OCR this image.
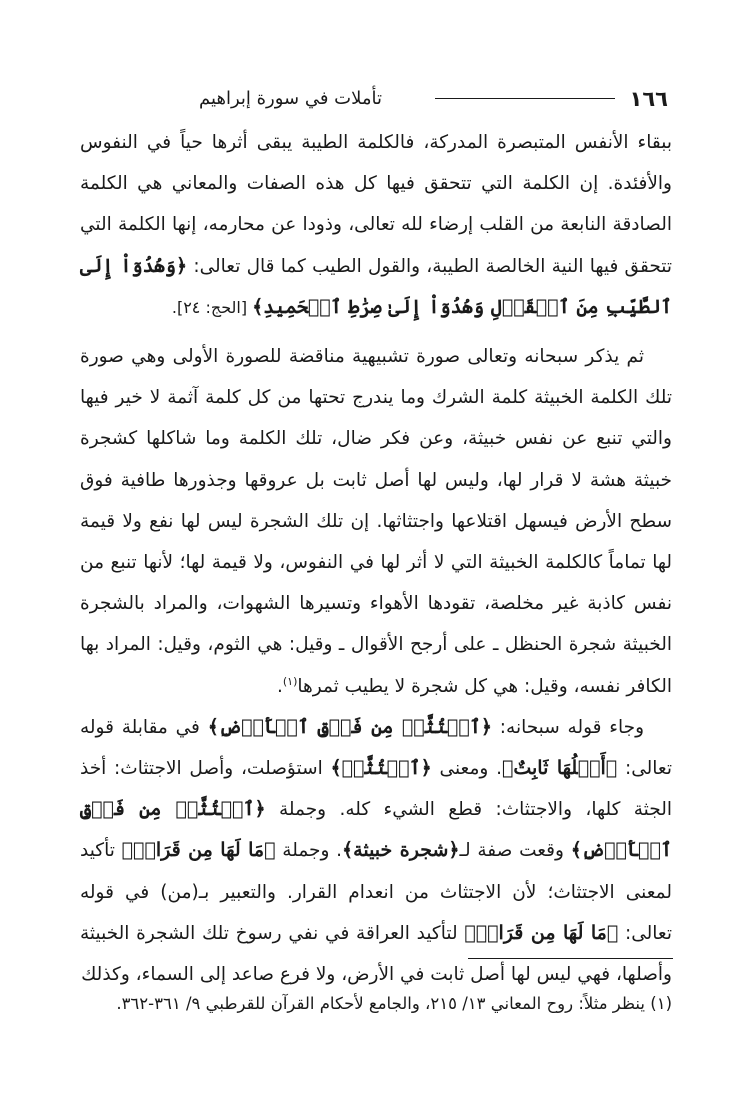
١٦٦
تأملات في سورة إبراهيم

ببقاء الأنفس المتبصرة المدركة، فالكلمة الطيبة يبقى أثرها حياً في النفوس والأفئدة. إن الكلمة التي تتحقق فيها كل هذه الصفات والمعاني هي الكلمة الصادقة النابعة من القلب إرضاء لله تعالى، وذودا عن محارمه، إنها الكلمة التي تتحقق فيها النية الخالصة الطيبة، والقول الطيب كما قال تعالى: ﴿وَهُدُوٓاْ إِلَى ٱلطَّيِّبِ مِنَ ٱلۡقَوۡلِ وَهُدُوٓاْ إِلَىٰ صِرَٰطِ ٱلۡحَمِيدِ﴾ [الحج: ٢٤].

ثم يذكر سبحانه وتعالى صورة تشبيهية مناقضة للصورة الأولى وهي صورة تلك الكلمة الخبيثة كلمة الشرك وما يندرج تحتها من كل كلمة آثمة لا خير فيها والتي تنبع عن نفس خبيثة، وعن فكر ضال، تلك الكلمة وما شاكلها كشجرة خبيثة هشة لا قرار لها، وليس لها أصل ثابت بل عروقها وجذورها طافية فوق سطح الأرض فيسهل اقتلاعها واجتثاثها. إن تلك الشجرة ليس لها نفع ولا قيمة لها تماماً كالكلمة الخبيثة التي لا أثر لها في النفوس، ولا قيمة لها؛ لأنها تنبع من نفس كاذبة غير مخلصة، تقودها الأهواء وتسيرها الشهوات، والمراد بالشجرة الخبيثة شجرة الحنظل ـ على أرجح الأقوال ـ وقيل: هي الثوم، وقيل: المراد بها الكافر نفسه، وقيل: هي كل شجرة لا يطيب ثمرها$^{(١)}$.

وجاء قوله سبحانه: ﴿ٱجۡتُثَّتۡ مِن فَوۡقِ ٱلۡأَرۡضِ﴾ في مقابلة قوله تعالى: ﴿أَصۡلُهَا ثَابِتٌ﴾. ومعنى ﴿ٱجۡتُثَّتۡ﴾ استؤصلت، وأصل الاجتثاث: أخذ الجثة كلها، والاجتثاث: قطع الشيء كله. وجملة ﴿ٱجۡتُثَّتۡ مِن فَوۡقِ ٱلۡأَرۡضِ﴾ وقعت صفة لـ﴿شجرة خبيثة﴾. وجملة ﴿مَا لَهَا مِن قَرَارٖ﴾ تأكيد لمعنى الاجتثاث؛ لأن الاجتثاث من انعدام القرار. والتعبير بـ(من) في قوله تعالى: ﴿مَا لَهَا مِن قَرَارٖ﴾ لتأكيد العراقة في نفي رسوخ تلك الشجرة الخبيثة وأصلها، فهي ليس لها أصل ثابت في الأرض، ولا فرع صاعد إلى السماء، وكذلك

(١) ينظر مثلاً: روح المعاني ١٣/ ٢١٥، والجامع لأحكام القرآن للقرطبي ٩/ ٣٦١-٣٦٢.
